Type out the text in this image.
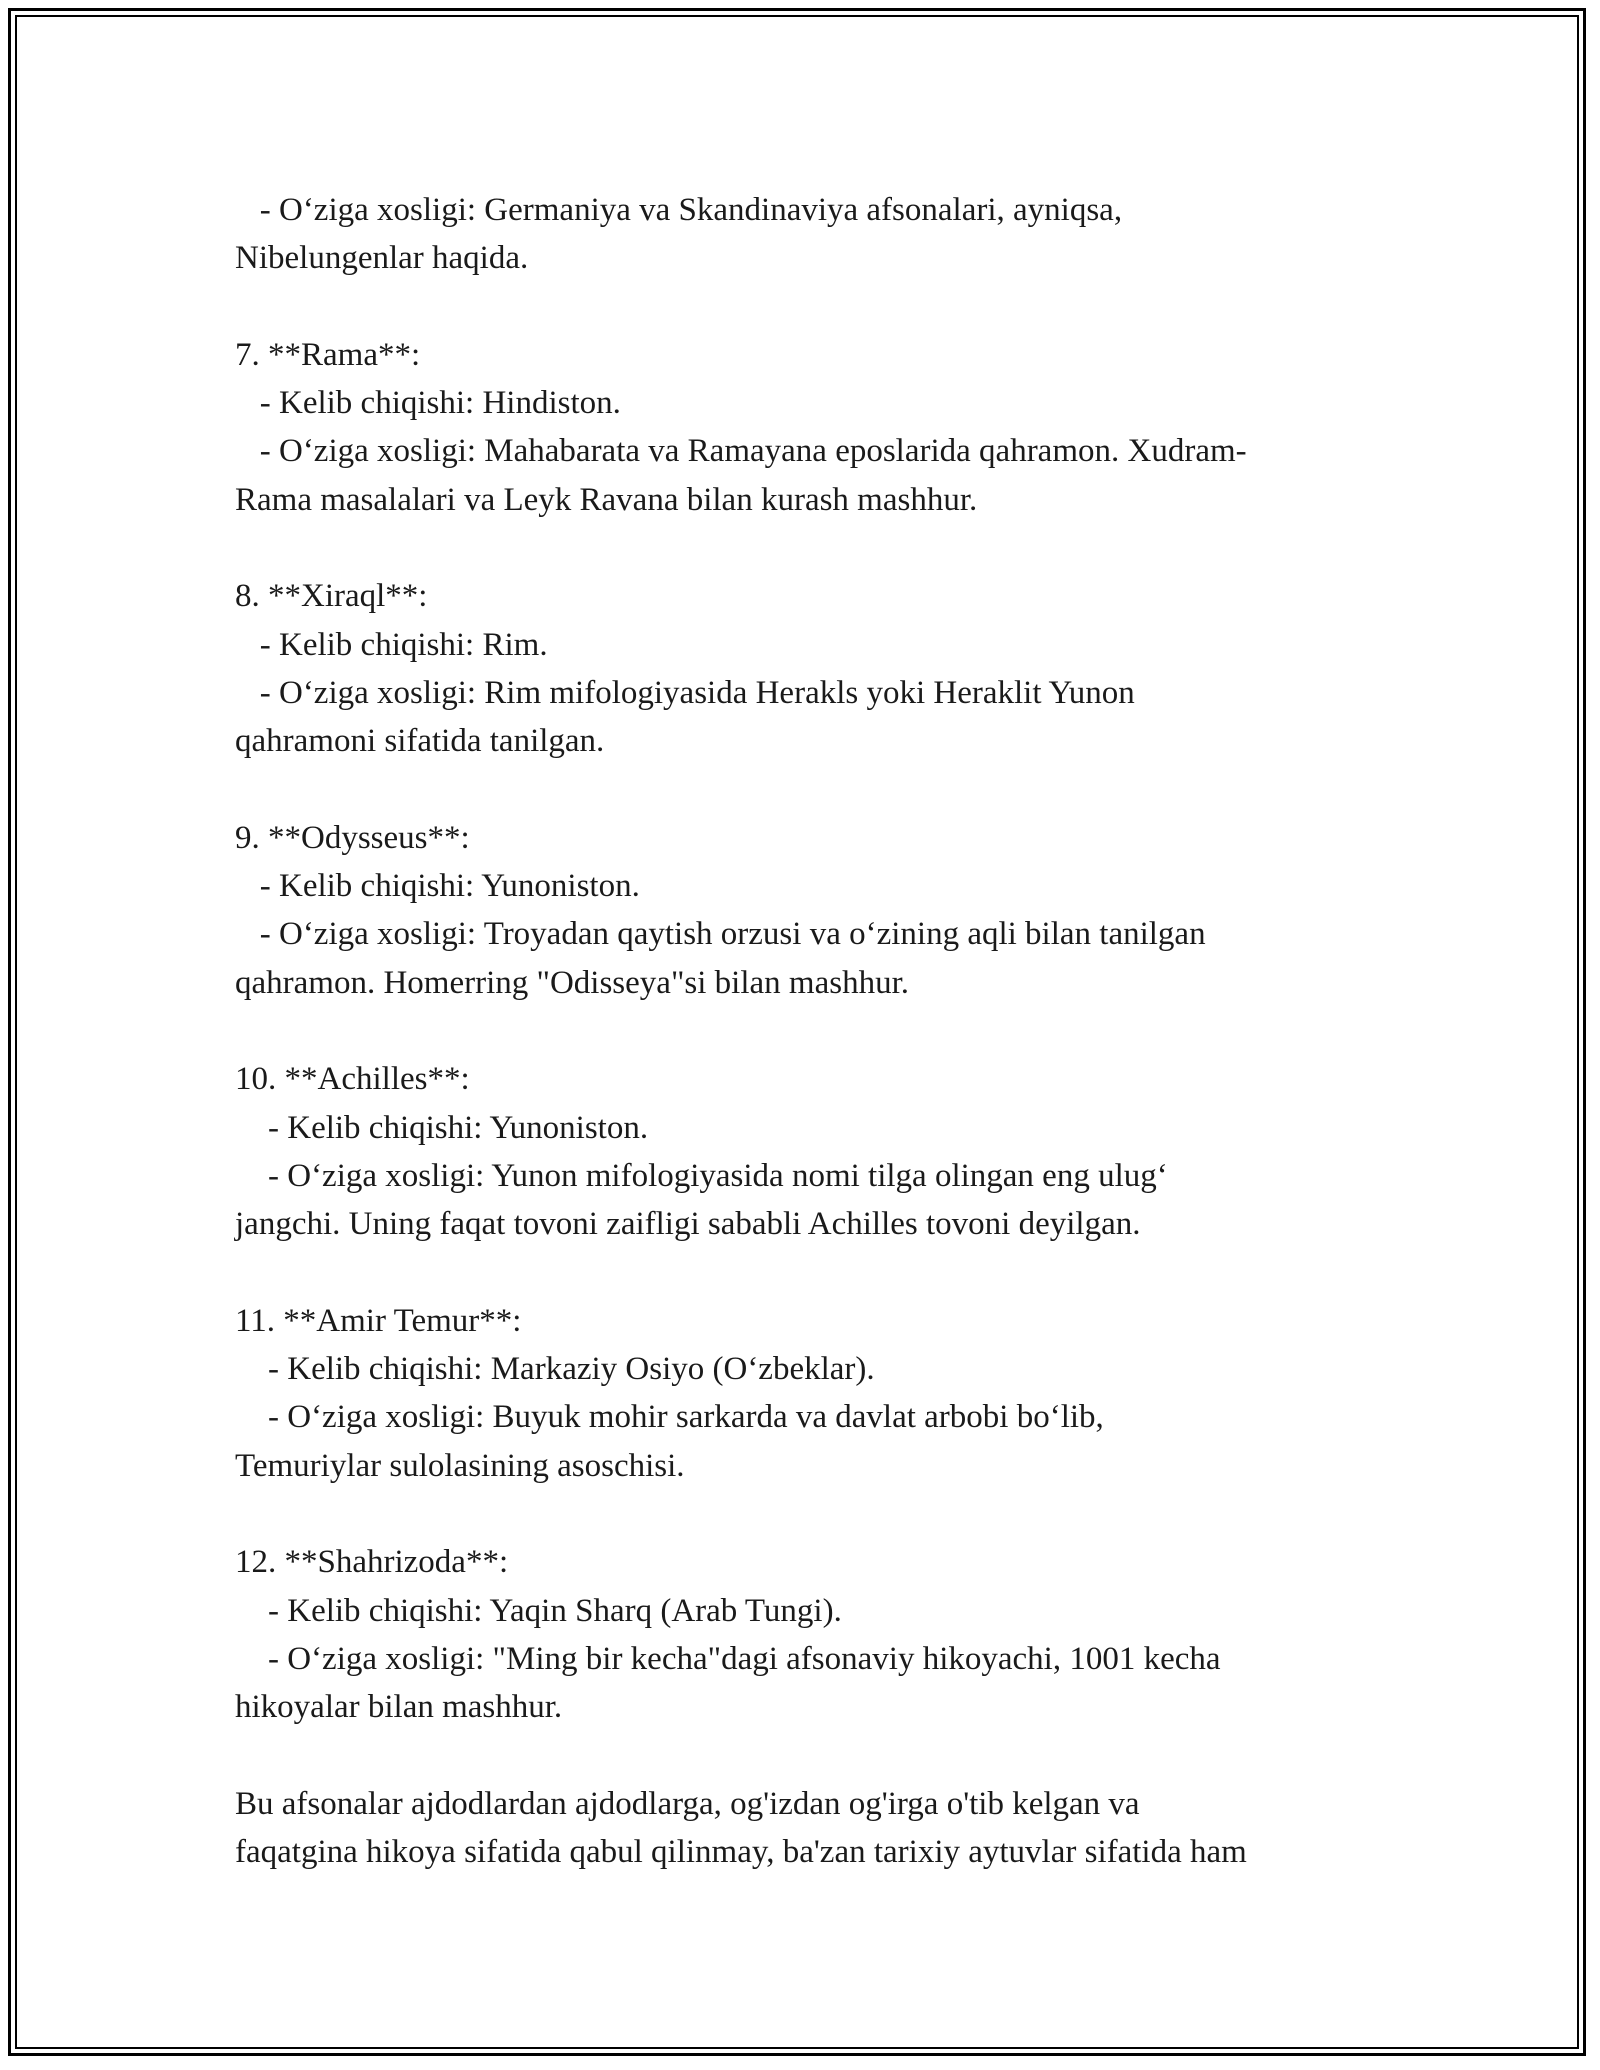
- O‘ziga xosligi: Germaniya va Skandinaviya afsonalari, ayniqsa,
Nibelungenlar haqida.
7. **Rama**:
- Kelib chiqishi: Hindiston.
- O‘ziga xosligi: Mahabarata va Ramayana eposlarida qahramon. Xudram-
Rama masalalari va Leyk Ravana bilan kurash mashhur.
8. **Xiraql**:
- Kelib chiqishi: Rim.
- O‘ziga xosligi: Rim mifologiyasida Herakls yoki Heraklit Yunon
qahramoni sifatida tanilgan.
9. **Odysseus**:
- Kelib chiqishi: Yunoniston.
- O‘ziga xosligi: Troyadan qaytish orzusi va o‘zining aqli bilan tanilgan
qahramon. Homerring "Odisseya"si bilan mashhur.
10. **Achilles**:
- Kelib chiqishi: Yunoniston.
- O‘ziga xosligi: Yunon mifologiyasida nomi tilga olingan eng ulug‘
jangchi. Uning faqat tovoni zaifligi sababli Achilles tovoni deyilgan.
11. **Amir Temur**:
- Kelib chiqishi: Markaziy Osiyo (O‘zbeklar).
- O‘ziga xosligi: Buyuk mohir sarkarda va davlat arbobi bo‘lib,
Temuriylar sulolasining asoschisi.
12. **Shahrizoda**:
- Kelib chiqishi: Yaqin Sharq (Arab Tungi).
- O‘ziga xosligi: "Ming bir kecha"dagi afsonaviy hikoyachi, 1001 kecha
hikoyalar bilan mashhur.
Bu afsonalar ajdodlardan ajdodlarga, og'izdan og'irga o'tib kelgan va
faqatgina hikoya sifatida qabul qilinmay, ba'zan tarixiy aytuvlar sifatida ham
